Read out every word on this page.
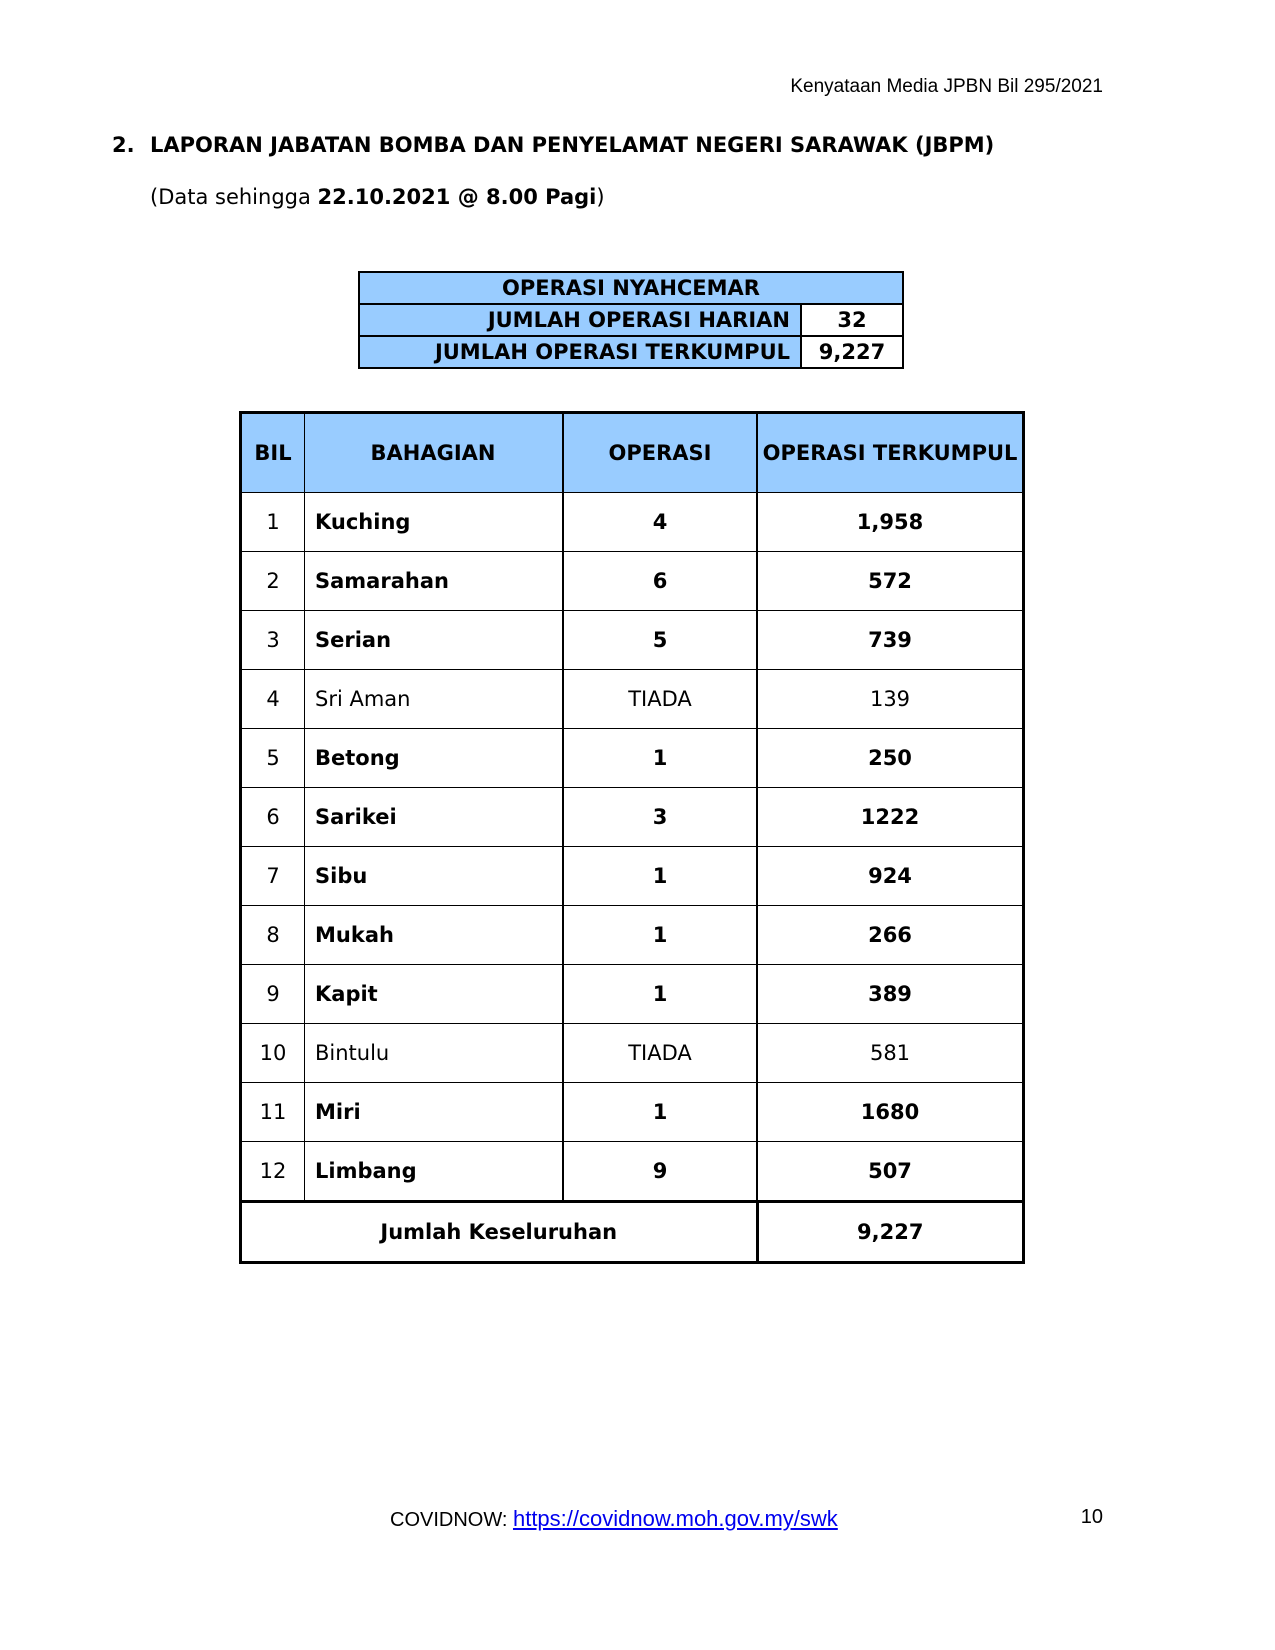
Kenyataan Media JPBN Bil 295/2021
2. LAPORAN JABATAN BOMBA DAN PENYELAMAT NEGERI SARAWAK (JBPM)
(Data sehingga 22.10.2021 @ 8.00 Pagi)
OPERASI NYAHCEMAR	
JUMLAH OPERASI HARIAN	32
JUMLAH OPERASI TERKUMPUL	9,227
BIL	BAHAGIAN	OPERASI	OPERASI TERKUMPUL
1	Kuching	4	1,958
2	Samarahan	6	572
3	Serian	5	739
4	Sri Aman	TIADA	139
5	Betong	1	250
6	Sarikei	3	1222
7	Sibu	1	924
8	Mukah	1	266
9	Kapit	1	389
10	Bintulu	TIADA	581
11	Miri	1	1680
12	Limbang	9	507
Jumlah Keseluruhan			9,227
COVIDNOW: https://covidnow.moh.gov.my/swk	10
